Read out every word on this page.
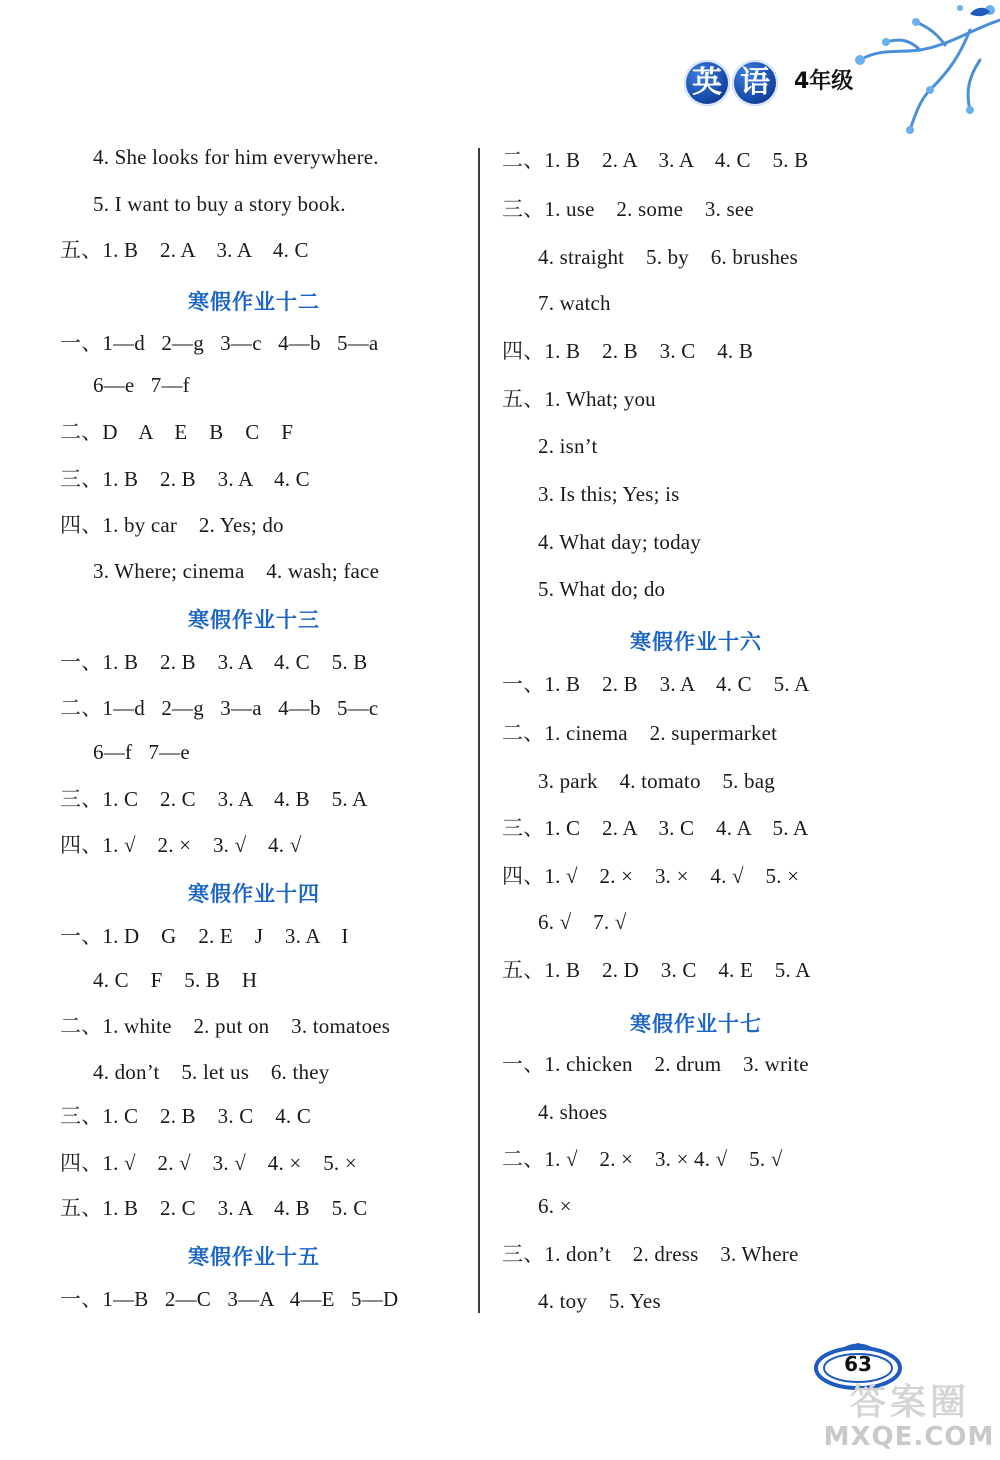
英 语	4年级
4. She looks for him everywhere.
5. I want to buy a story book.
五、1. B    2. A    3. A    4. C
寒假作业十二
一、1—d   2—g   3—c   4—b   5—a
6—e   7—f
二、D    A    E    B    C    F
三、1. B    2. B    3. A    4. C
四、1. by car    2. Yes; do
3. Where; cinema    4. wash; face
寒假作业十三
一、1. B    2. B    3. A    4. C    5. B
二、1—d   2—g   3—a   4—b   5—c
6—f   7—e
三、1. C    2. C    3. A    4. B    5. A
四、1. √    2. ×    3. √    4. √
寒假作业十四
一、1. D    G    2. E    J    3. A    I
4. C    F    5. B    H
二、1. white    2. put on    3. tomatoes
4. don’t    5. let us    6. they
三、1. C    2. B    3. C    4. C
四、1. √    2. √    3. √    4. ×    5. ×
五、1. B    2. C    3. A    4. B    5. C
寒假作业十五
一、1—B   2—C   3—A   4—E   5—D
二、1. B    2. A    3. A    4. C    5. B
三、1. use    2. some    3. see
4. straight    5. by    6. brushes
7. watch
四、1. B    2. B    3. C    4. B
五、1. What; you
2. isn’t
3. Is this; Yes; is
4. What day; today
5. What do; do
寒假作业十六
一、1. B    2. B    3. A    4. C    5. A
二、1. cinema    2. supermarket
3. park    4. tomato    5. bag
三、1. C    2. A    3. C    4. A    5. A
四、1. √    2. ×    3. ×    4. √    5. ×
6. √    7. √
五、1. B    2. D    3. C    4. E    5. A
寒假作业十七
一、1. chicken    2. drum    3. write
4. shoes
二、1. √    2. ×    3. × 4. √    5. √
6. ×
三、1. don’t    2. dress    3. Where
4. toy    5. Yes
63
答案圈
MXQE.COM
